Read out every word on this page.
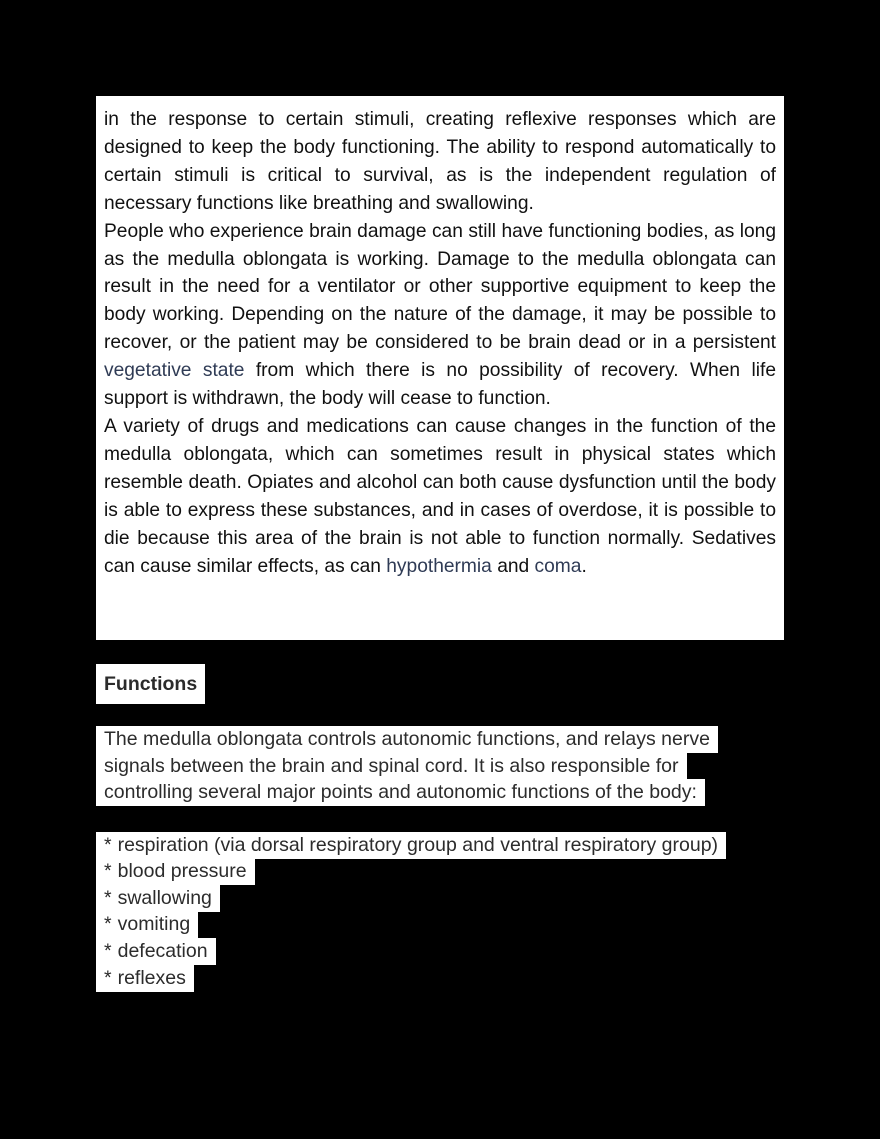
in the response to certain stimuli, creating reflexive responses which are designed to keep the body functioning. The ability to respond automatically to certain stimuli is critical to survival, as is the independent regulation of necessary functions like breathing and swallowing.

People who experience brain damage can still have functioning bodies, as long as the medulla oblongata is working. Damage to the medulla oblongata can result in the need for a ventilator or other supportive equipment to keep the body working. Depending on the nature of the damage, it may be possible to recover, or the patient may be considered to be brain dead or in a persistent vegetative state from which there is no possibility of recovery. When life support is withdrawn, the body will cease to function.

A variety of drugs and medications can cause changes in the function of the medulla oblongata, which can sometimes result in physical states which resemble death. Opiates and alcohol can both cause dysfunction until the body is able to express these substances, and in cases of overdose, it is possible to die because this area of the brain is not able to function normally. Sedatives can cause similar effects, as can hypothermia and coma.

Functions
The medulla oblongata controls autonomic functions, and relays nerve
signals between the brain and spinal cord. It is also responsible for
controlling several major points and autonomic functions of the body:
* respiration (via dorsal respiratory group and ventral respiratory group)
* blood pressure
* swallowing
* vomiting
* defecation
* reflexes
